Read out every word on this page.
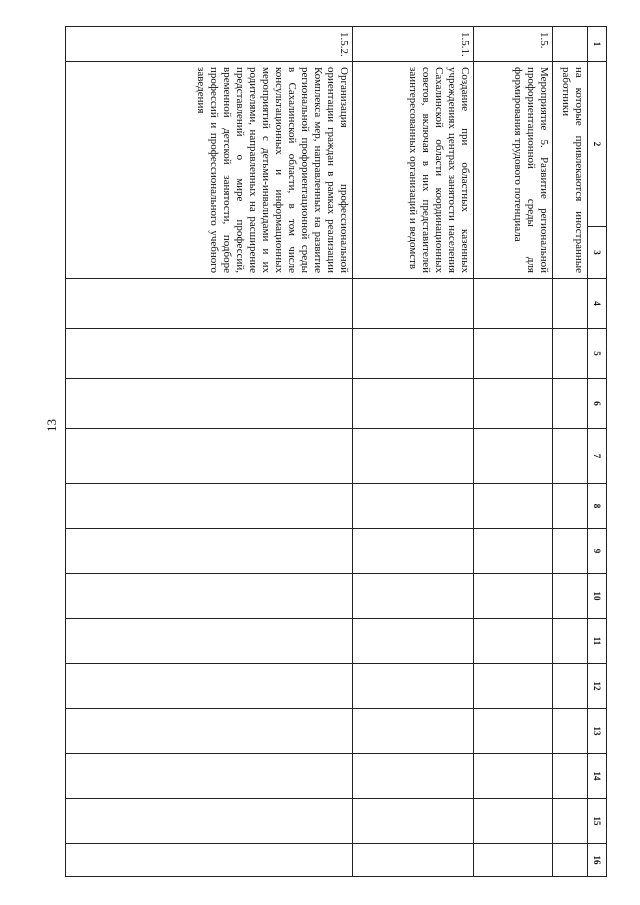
13
1	2	3	4	5	6	7	8	9	10	11	12	13	14	15	16
	на которые привлекаются иностранные работники														
1.5.	Мероприятие 5. Развитие региональной профориентационной среды для формирования трудового потенциала														
1.5.1.	Создание при областных казенных учреждениях центрах занятости населения Сахалинской области координационных советов, включая в них представителей заинтересованных организаций и ведомств														
1.5.2.	Организация профессиональной ориентации граждан в рамках реализации Комплекса мер, направленных на развитие региональной профориентационной среды в Сахалинской области, в том числе консультационных и информационных мероприятий с детьми-инвалидами и их родителями, направленных на расширение представлений о мире профессий, временной детской занятости, подборе профессий и профессионального учебного заведения														
